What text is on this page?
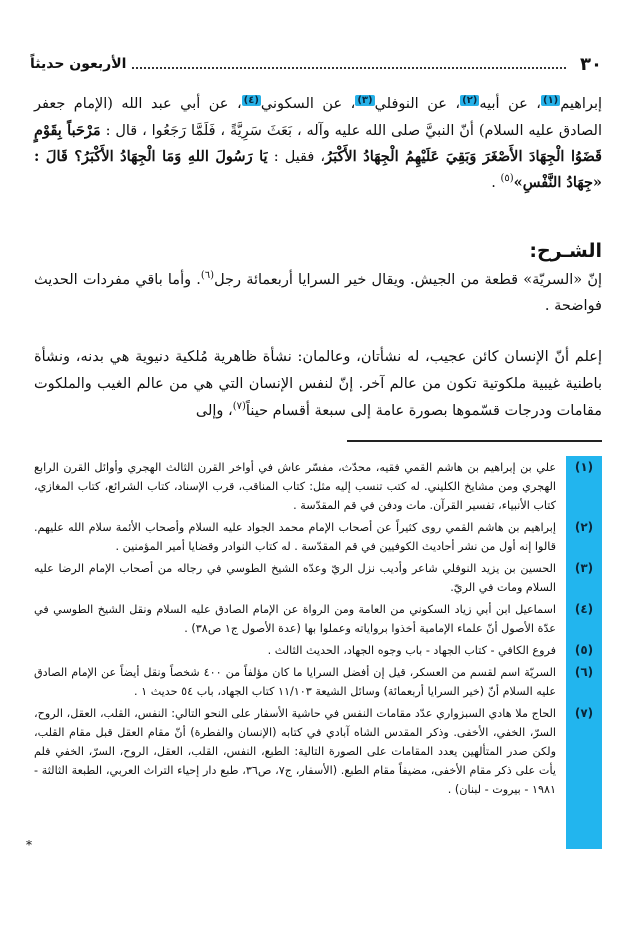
٣٠
الأربعون حديثاً

إبراهيم$^{(١)}$، عن أبيه$^{(٢)}$، عن النوفلي$^{(٣)}$، عن السكوني$^{(٤)}$، عن أبي عبد الله (الإمام جعفر الصادق عليه السلام) أنّ النبيَّ صلى الله عليه وآله ، بَعَثَ سَرِيَّةً ، فَلَمَّا رَجَعُوا ، قال : مَرْحَباً بِقَوْمٍ قَضَوُا الْجِهَادَ الأَصْغَرَ وَبَقِيَ عَلَيْهِمُ الْجِهَادُ الأَكْبَرُ، فقيل : يَا رَسُولَ اللهِ وَمَا الْجِهَادُ الأَكْبَرُ؟ قَالَ : «جِهَادُ النَّفْسِ»$^{(٥)}$ .

الشـرح:
إنّ «السريّة» قطعة من الجيش. ويقال خير السرايا أربعمائة رجل$^{(٦)}$. وأما باقي مفردات الحديث فواضحة .
إعلم أنّ الإنسان كائن عجيب، له نشأتان، وعالمان: نشأة ظاهرية مُلكية دنيوية هي بدنه، ونشأة باطنية غيبية ملكوتية تكون من عالم آخر. إنّ لنفس الإنسان التي هي من عالم الغيب والملكوت مقامات ودرجات قسّموها بصورة عامة إلى سبعة أقسام حيناً$^{(٧)}$، وإلى
(١)
علي بن إبراهيم بن هاشم القمي فقيه، محدّث، مفسّر عاش في أواخر القرن الثالث الهجري وأوائل القرن الرابع الهجري ومن مشايخ الكليني. له كتب تنسب إليه مثل: كتاب المناقب، قرب الإسناد، كتاب الشرائع، كتاب المغازي، كتاب الأنبياء، تفسير القرآن. مات ودفن في قم المقدّسة .
(٢)
إبراهيم بن هاشم القمي روى كثيراً عن أصحاب الإمام محمد الجواد عليه السلام وأصحاب الأئمة سلام الله عليهم. قالوا إنه أول من نشر أحاديث الكوفيين في قم المقدّسة . له كتاب النوادر وقضايا أمير المؤمنين .
(٣)
الحسين بن يزيد النوفلي شاعر وأديب نزل الريّ وعدّه الشيخ الطوسي في رجاله من أصحاب الإمام الرضا عليه السلام ومات في الريّ.
(٤)
اسماعيل ابن أبي زياد السكوني من العامة ومن الرواة عن الإمام الصادق عليه السلام ونقل الشيخ الطوسي في عدّة الأصول أنّ علماء الإمامية أخذوا برواياته وعملوا بها (عدة الأصول ج١ ص٣٨) .
(٥)
فروع الكافي - كتاب الجهاد - باب وجوه الجهاد، الحديث الثالث .
(٦)
السريّة اسم لقسم من العسكر، قيل إن أفضل السرايا ما كان مؤلفاً من ٤٠٠ شخصاً ونقل أيضاً عن الإمام الصادق عليه السلام أنّ (خير السرايا أربعمائة) وسائل الشيعة ١١/١٠٣ كتاب الجهاد، باب ٥٤ حديث ١ .
(٧)
الحاج ملا هادي السبزواري عدّد مقامات النفس في حاشية الأسفار على النحو التالي: النفس، القلب، العقل، الروح، السرّ، الخفي، الأخفى. وذكر المقدس الشاه آبادي في كتابه (الإنسان والفطرة) أنّ مقام العقل قبل مقام القلب، ولكن صدر المتألهين يعدد المقامات على الصورة التالية: الطبع، النفس، القلب، العقل، الروح، السرّ، الخفي فلم يأت على ذكر مقام الأخفى، مضيفاً مقام الطبع. (الأسفار، ج٧، ص٣٦، طبع دار إحياء التراث العربي، الطبعة الثالثة - ١٩٨١ - بيروت - لبنان) .
*
